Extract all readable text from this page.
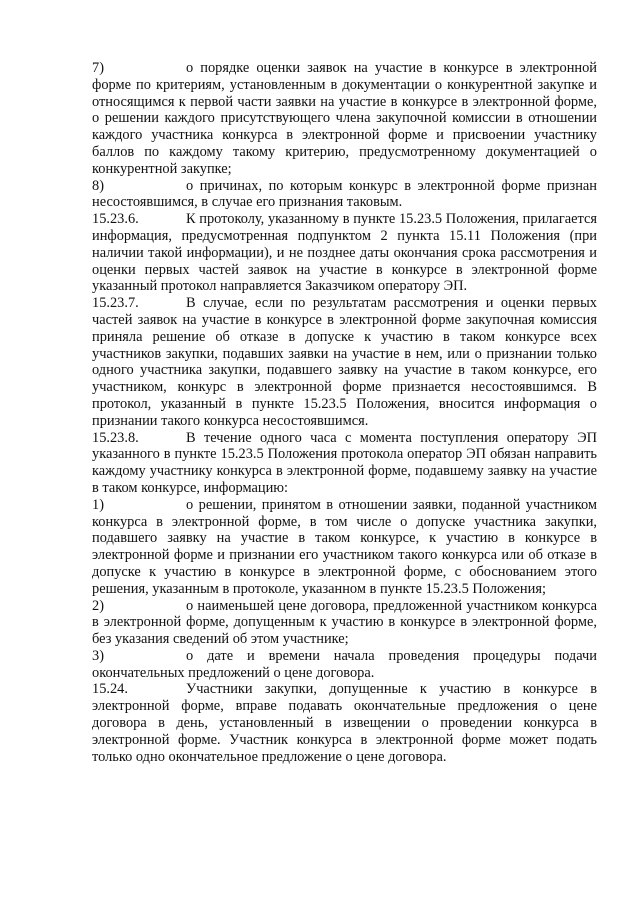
7)	о порядке оценки заявок на участие в конкурсе в электронной форме по критериям, установленным в документации о конкурентной закупке и относящимся к первой части заявки на участие в конкурсе в электронной форме, о решении каждого присутствующего члена закупочной комиссии в отношении каждого участника конкурса в электронной форме и присвоении участнику баллов по каждому такому критерию, предусмотренному документацией о конкурентной закупке;

8)	о причинах, по которым конкурс в электронной форме признан несостоявшимся, в случае его признания таковым.

15.23.6.	К протоколу, указанному в пункте 15.23.5 Положения, прилагается информация, предусмотренная подпунктом 2 пункта 15.11 Положения (при наличии такой информации), и не позднее даты окончания срока рассмотрения и оценки первых частей заявок на участие в конкурсе в электронной форме указанный протокол направляется Заказчиком оператору ЭП.

15.23.7.	В случае, если по результатам рассмотрения и оценки первых частей заявок на участие в конкурсе в электронной форме закупочная комиссия приняла решение об отказе в допуске к участию в таком конкурсе всех участников закупки, подавших заявки на участие в нем, или о признании только одного участника закупки, подавшего заявку на участие в таком конкурсе, его участником, конкурс в электронной форме признается несостоявшимся. В протокол, указанный в пункте 15.23.5 Положения, вносится информация о признании такого конкурса несостоявшимся.

15.23.8.	В течение одного часа с момента поступления оператору ЭП указанного в пункте 15.23.5 Положения протокола оператор ЭП обязан направить каждому участнику конкурса в электронной форме, подавшему заявку на участие в таком конкурсе, информацию:

1)	о решении, принятом в отношении заявки, поданной участником конкурса в электронной форме, в том числе о допуске участника закупки, подавшего заявку на участие в таком конкурсе, к участию в конкурсе в электронной форме и признании его участником такого конкурса или об отказе в допуске к участию в конкурсе в электронной форме, с обоснованием этого решения, указанным в протоколе, указанном в пункте 15.23.5 Положения;

2)	о наименьшей цене договора, предложенной участником конкурса в электронной форме, допущенным к участию в конкурсе в электронной форме, без указания сведений об этом участнике;

3)	о дате и времени начала проведения процедуры подачи окончательных предложений о цене договора.

15.24.	Участники закупки, допущенные к участию в конкурсе в электронной форме, вправе подавать окончательные предложения о цене договора в день, установленный в извещении о проведении конкурса в электронной форме. Участник конкурса в электронной форме может подать только одно окончательное предложение о цене договора.
